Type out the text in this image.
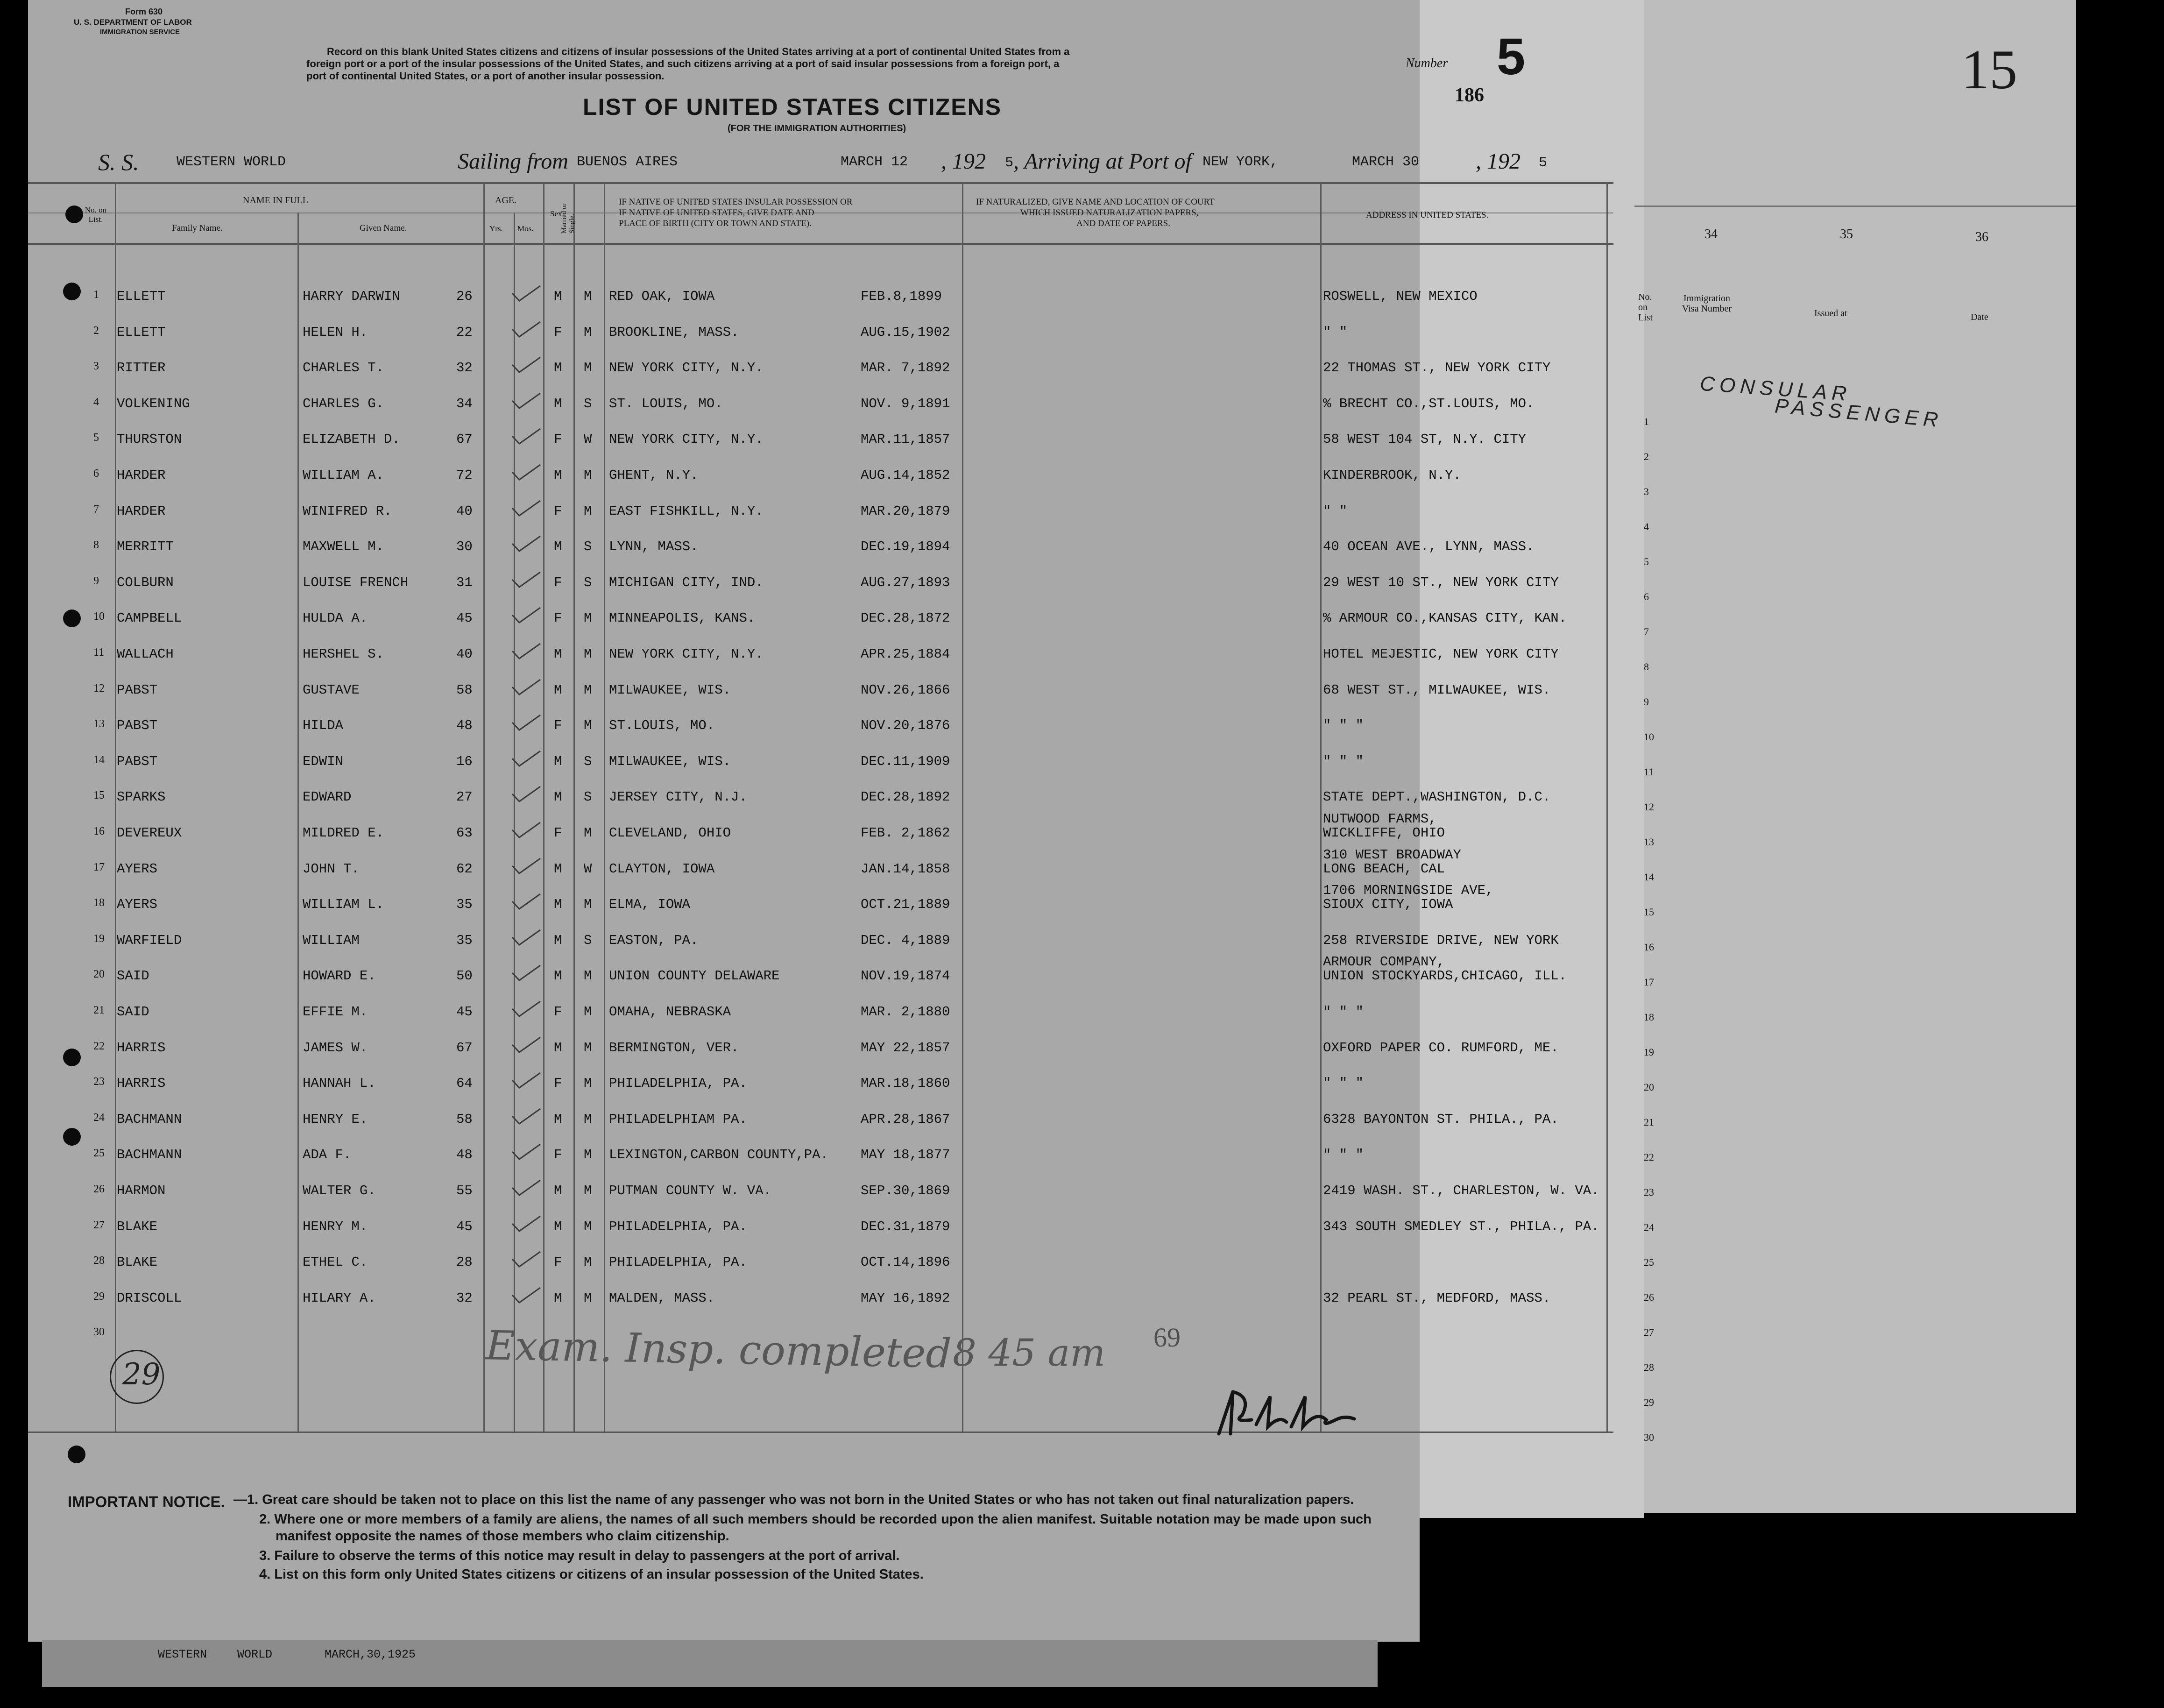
15
34	35	36
No. on List
Immigration Visa Number	Issued at	Date
CONSULAR
PASSENGER
1
2
3
4
5
6
7
8
9
10
11
12
13
14
15
16
17
18
19
20
21
22
23
24
25
26
27
28
29
30
Form 630
U. S. DEPARTMENT OF LABOR
IMMIGRATION SERVICE
Record on this blank United States citizens and citizens of insular possessions of the United States arriving at a port of continental United States from a
foreign port or a port of the insular possessions of the United States, and such citizens arriving at a port of said insular possessions from a foreign port, a
port of continental United States, or a port of another insular possession.
Number 5
186
LIST OF UNITED STATES CITIZENS
(FOR THE IMMIGRATION AUTHORITIES)
S. S.	WESTERN WORLD	Sailing from BUENOS AIRES	MARCH 12 , 192 5 , Arriving at Port of NEW YORK,	MARCH 30	, 192 5
No. on List.
NAME IN FULL
Family Name.	Given Name.
AGE.
Yrs. Mos.
Sex.
Married or Single.
IF NATIVE OF UNITED STATES INSULAR POSSESSION OR
IF NATIVE OF UNITED STATES, GIVE DATE AND
PLACE OF BIRTH (CITY OR TOWN AND STATE).
IF NATURALIZED, GIVE NAME AND LOCATION OF COURT
WHICH ISSUED NATURALIZATION PAPERS,
AND DATE OF PAPERS.
ADDRESS IN UNITED STATES.
1 ELLETT	HARRY DARWIN	26	M M RED OAK, IOWA	FEB.8,1899	ROSWELL, NEW MEXICO
2 ELLETT	HELEN H.	22	F M BROOKLINE, MASS.	AUG.15,1902	" "
3 RITTER	CHARLES T.	32	M M NEW YORK CITY, N.Y.	MAR. 7,1892	22 THOMAS ST., NEW YORK CITY
4 VOLKENING	CHARLES G.	34	M S ST. LOUIS, MO.	NOV. 9,1891	% BRECHT CO.,ST.LOUIS, MO.
5 THURSTON	ELIZABETH D.	67	F W NEW YORK CITY, N.Y.	MAR.11,1857	58 WEST 104 ST, N.Y. CITY
6 HARDER	WILLIAM A.	72	M M GHENT, N.Y.	AUG.14,1852	KINDERBROOK, N.Y.
7 HARDER	WINIFRED R.	40	F M EAST FISHKILL, N.Y.	MAR.20,1879	" "
8 MERRITT	MAXWELL M.	30	M S LYNN, MASS.	DEC.19,1894	40 OCEAN AVE., LYNN, MASS.
9 COLBURN	LOUISE FRENCH	31	F S MICHIGAN CITY, IND.	AUG.27,1893	29 WEST 10 ST., NEW YORK CITY
10 CAMPBELL	HULDA A.	45	F M MINNEAPOLIS, KANS.	DEC.28,1872	% ARMOUR CO.,KANSAS CITY, KAN.
11 WALLACH	HERSHEL S.	40	M M NEW YORK CITY, N.Y.	APR.25,1884	HOTEL MEJESTIC, NEW YORK CITY
12 PABST	GUSTAVE	58	M M MILWAUKEE, WIS.	NOV.26,1866	68 WEST ST., MILWAUKEE, WIS.
13 PABST	HILDA	48	F M ST.LOUIS, MO.	NOV.20,1876	" " "
14 PABST	EDWIN	16	M S MILWAUKEE, WIS.	DEC.11,1909	" " "
15 SPARKS	EDWARD	27	M S JERSEY CITY, N.J.	DEC.28,1892	STATE DEPT.,WASHINGTON, D.C.
16 DEVEREUX	MILDRED E.	63	F M CLEVELAND, OHIO	FEB. 2,1862
NUTWOOD FARMS,
WICKLIFFE, OHIO
17 AYERS	JOHN T.	62	M W CLAYTON, IOWA	JAN.14,1858
310 WEST BROADWAY
LONG BEACH, CAL
18 AYERS	WILLIAM L.	35	M M ELMA, IOWA	OCT.21,1889
1706 MORNINGSIDE AVE,
SIOUX CITY, IOWA
19 WARFIELD	WILLIAM	35	M S EASTON, PA.	DEC. 4,1889	258 RIVERSIDE DRIVE, NEW YORK
20 SAID	HOWARD E.	50	M M UNION COUNTY DELAWARE	NOV.19,1874
ARMOUR COMPANY,
UNION STOCKYARDS,CHICAGO, ILL.
21 SAID	EFFIE M.	45	F M OMAHA, NEBRASKA	MAR. 2,1880	" " "
22 HARRIS	JAMES W.	67	M M BERMINGTON, VER.	MAY 22,1857	OXFORD PAPER CO. RUMFORD, ME.
23 HARRIS	HANNAH L.	64	F M PHILADELPHIA, PA.	MAR.18,1860	" " "
24 BACHMANN	HENRY E.	58	M M PHILADELPHIAM PA.	APR.28,1867	6328 BAYONTON ST. PHILA., PA.
25 BACHMANN	ADA F.	48	F M LEXINGTON,CARBON COUNTY,PA. MAY 18,1877	" " "
26 HARMON	WALTER G.	55	M M PUTMAN COUNTY W. VA.	SEP.30,1869	2419 WASH. ST., CHARLESTON, W. VA.
27 BLAKE	HENRY M.	45	M M PHILADELPHIA, PA.	DEC.31,1879	343 SOUTH SMEDLEY ST., PHILA., PA.
28 BLAKE	ETHEL C.	28	F M PHILADELPHIA, PA.	OCT.14,1896
29 DRISCOLL	HILARY A.	32	M M MALDEN, MASS.	MAY 16,1892	32 PEARL ST., MEDFORD, MASS.
30
29	Exam. Insp. completed 8 45 am 69
IMPORTANT NOTICE. —1. Great care should be taken not to place on this list the name of any passenger who was not born in the United States or who has not taken out final naturalization papers.
2. Where one or more members of a family are aliens, the names of all such members should be recorded upon the alien manifest. Suitable notation may be made upon such
manifest opposite the names of those members who claim citizenship.
3. Failure to observe the terms of this notice may result in delay to passengers at the port of arrival.
4. List on this form only United States citizens or citizens of an insular possession of the United States.
WESTERN	WORLD	MARCH,30,1925
